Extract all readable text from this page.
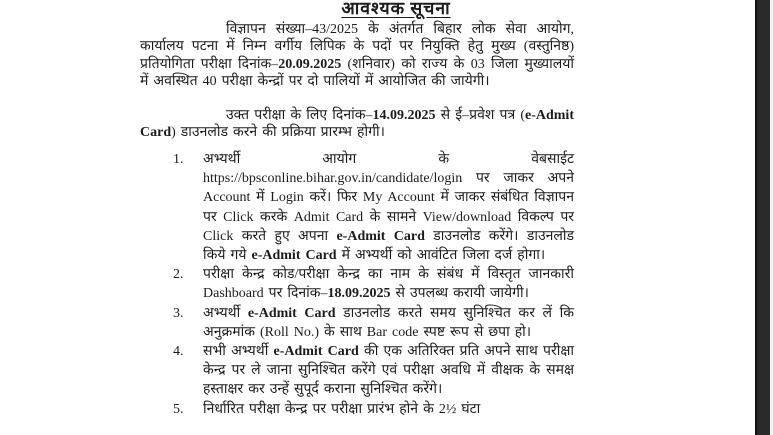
आवश्यक सूचना

विज्ञापन संख्या–43/2025 के अंतर्गत बिहार लोक सेवा आयोग, कार्यालय पटना में निम्न वर्गीय लिपिक के पदों पर नियुक्ति हेतु मुख्य (वस्तुनिष्ठ) प्रतियोगिता परीक्षा दिनांक–20.09.2025 (शनिवार) को राज्य के 03 जिला मुख्यालयों में अवस्थित 40 परीक्षा केन्द्रों पर दो पालियों में आयोजित की जायेगी।

उक्त परीक्षा के लिए दिनांक–14.09.2025 से ई–प्रवेश पत्र (e-Admit Card) डाउनलोड करने की प्रक्रिया प्रारम्भ होगी।

1. अभ्यर्थी आयोग के वेबसाईट https://bpsconline.bihar.gov.in/candidate/login पर जाकर अपने Account में Login करें। फिर My Account में जाकर संबंधित विज्ञापन पर Click करके Admit Card के सामने View/download विकल्प पर Click करते हुए अपना e-Admit Card डाउनलोड करेंगे। डाउनलोड किये गये e-Admit Card में अभ्यर्थी को आवंटित जिला दर्ज होगा।
2. परीक्षा केन्द्र कोड/परीक्षा केन्द्र का नाम के संबंध में विस्तृत जानकारी Dashboard पर दिनांक–18.09.2025 से उपलब्ध करायी जायेगी।
3. अभ्यर्थी e-Admit Card डाउनलोड करते समय सुनिश्चित कर लें कि अनुक्रमांक (Roll No.) के साथ Bar code स्पष्ट रूप से छपा हो।
4. सभी अभ्यर्थी e-Admit Card की एक अतिरिक्त प्रति अपने साथ परीक्षा केन्द्र पर ले जाना सुनिश्चित करेंगे एवं परीक्षा अवधि में वीक्षक के समक्ष हस्ताक्षर कर उन्हें सुपूर्द कराना सुनिश्चित करेंगे।
5. निर्धारित परीक्षा केन्द्र पर परीक्षा प्रारंभ होने के 2½ घंटा
